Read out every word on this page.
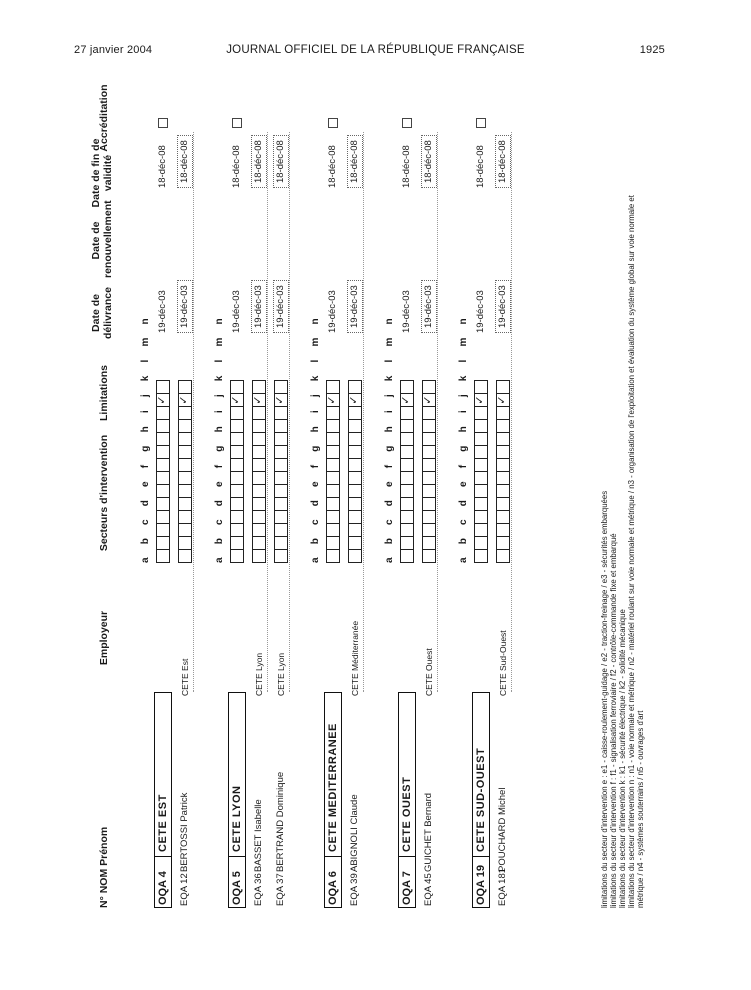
27 janvier 2004	JOURNAL OFFICIEL DE LA RÉPUBLIQUE FRANÇAISE	1925
N° NOM Prénom
Employeur
Secteurs d'intervention
Limitations
Date de délivrance
Date de renouvellement
Date de fin de validité
Accréditation
OQA 4CETE EST
a b c d e f g h i j k l m n ✓
19-déc-03
18-déc-08
EQA 12
BERTOSSI Patrick
CETE Est
✓
19-déc-03
18-déc-08
OQA 5CETE LYON
a b c d e f g h i j k l m n ✓
19-déc-03
18-déc-08
EQA 36
BASSET Isabelle
CETE Lyon
✓
19-déc-03
18-déc-08
EQA 37
BERTRAND Dominique
CETE Lyon
✓
19-déc-03
18-déc-08
OQA 6CETE MEDITERRANEE
a b c d e f g h i j k l m n ✓
19-déc-03
18-déc-08
EQA 39
ABIGNOLI Claude
CETE Méditerranée
✓
19-déc-03
18-déc-08
OQA 7CETE OUEST
a b c d e f g h i j k l m n ✓
19-déc-03
18-déc-08
EQA 45
GUICHET Bernard
CETE Ouest
✓
19-déc-03
18-déc-08
OQA 19CETE SUD-OUEST
a b c d e f g h i j k l m n ✓
19-déc-03
18-déc-08
EQA 181
POUCHARD Michel
CETE Sud-Ouest
✓
19-déc-03
18-déc-08
limitations du secteur d'intervention e : e1 - caisse-roulement-guidage / e2 - traction-freinage / e3 - sécurités embarquées limitations du secteur d'intervention f : f1 - signalisation ferroviaire / f2 - contrôle-commande fixe et embarqué limitations du secteur d'intervention k : k1 - sécurité électrique / k2 - solidité mécanique limitations du secteur d'intervention n : n1 - voie normale et métrique / n2 - matériel roulant sur voie normale et métrique / n3 - organisation de l'exploitation et évaluation du système global sur voie normale et métrique / n4 - systèmes souterrains / n5 - ouvrages d'art
